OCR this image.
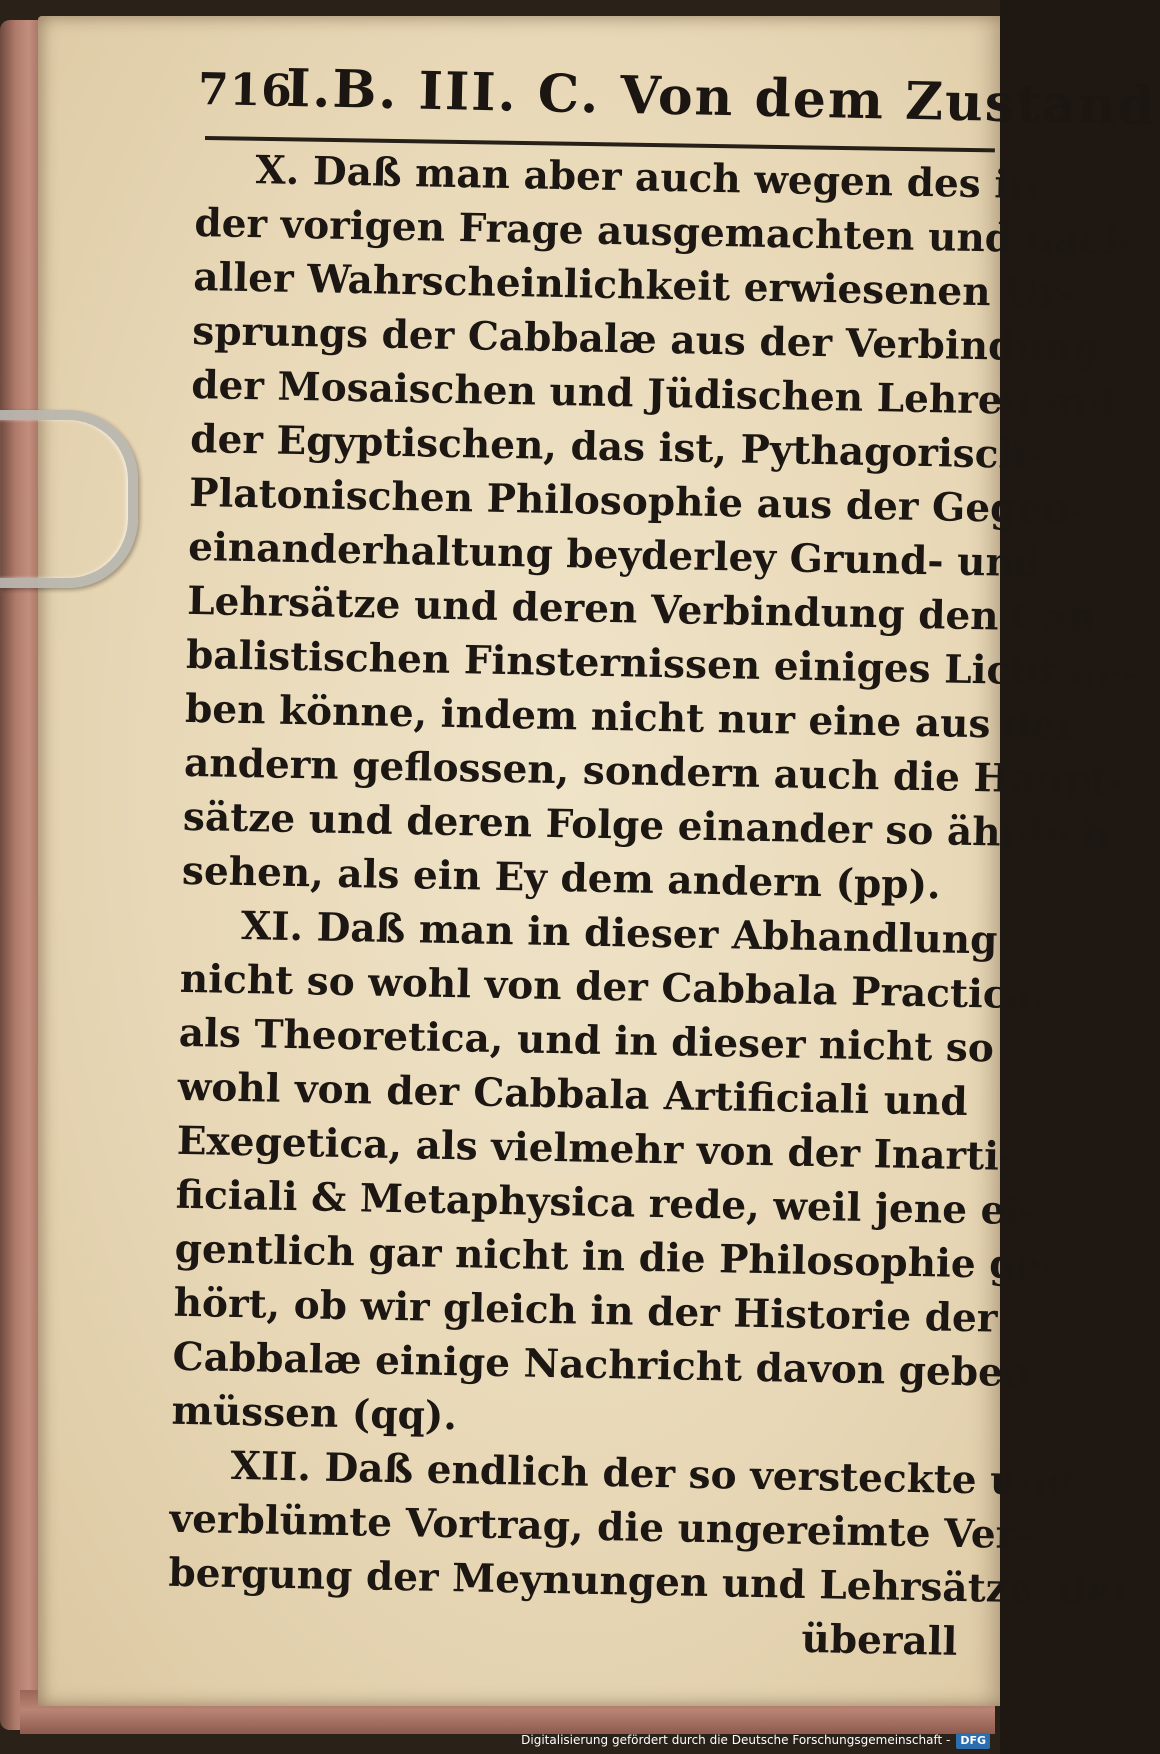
716
I.B. III. C. Von dem Zustand
X. Daß man aber auch wegen des in
der vorigen Frage ausgemachten und nach
aller Wahrscheinlichkeit erwiesenen Ur-
sprungs der Cabbalæ aus der Verbindung
der Mosaischen und Jüdischen Lehren mit
der Egyptischen, das ist, Pythagorisch-
Platonischen Philosophie aus der Gegen-
einanderhaltung beyderley Grund- und
Lehrsätze und deren Verbindung den Cab-
balistischen Finsternissen einiges Licht ge-
ben könne, indem nicht nur eine aus der
andern geflossen, sondern auch die Haupt-
sätze und deren Folge einander so ähnlich
sehen, als ein Ey dem andern (pp).
XI. Daß man in dieser Abhandlung
nicht so wohl von der Cabbala Practica,
als Theoretica, und in dieser nicht so
wohl von der Cabbala Artificiali und
Exegetica, als vielmehr von der Inarti-
ficiali & Metaphysica rede, weil jene ei-
gentlich gar nicht in die Philosophie ge-
hört, ob wir gleich in der Historie der
Cabbalæ einige Nachricht davon geben
müssen (qq).
XII. Daß endlich der so versteckte und
verblümte Vortrag, die ungereimte Ver-
bergung der Meynungen und Lehrsätze, der
überall
Digitalisierung gefördert durch die Deutsche Forschungsgemeinschaft - DFG
